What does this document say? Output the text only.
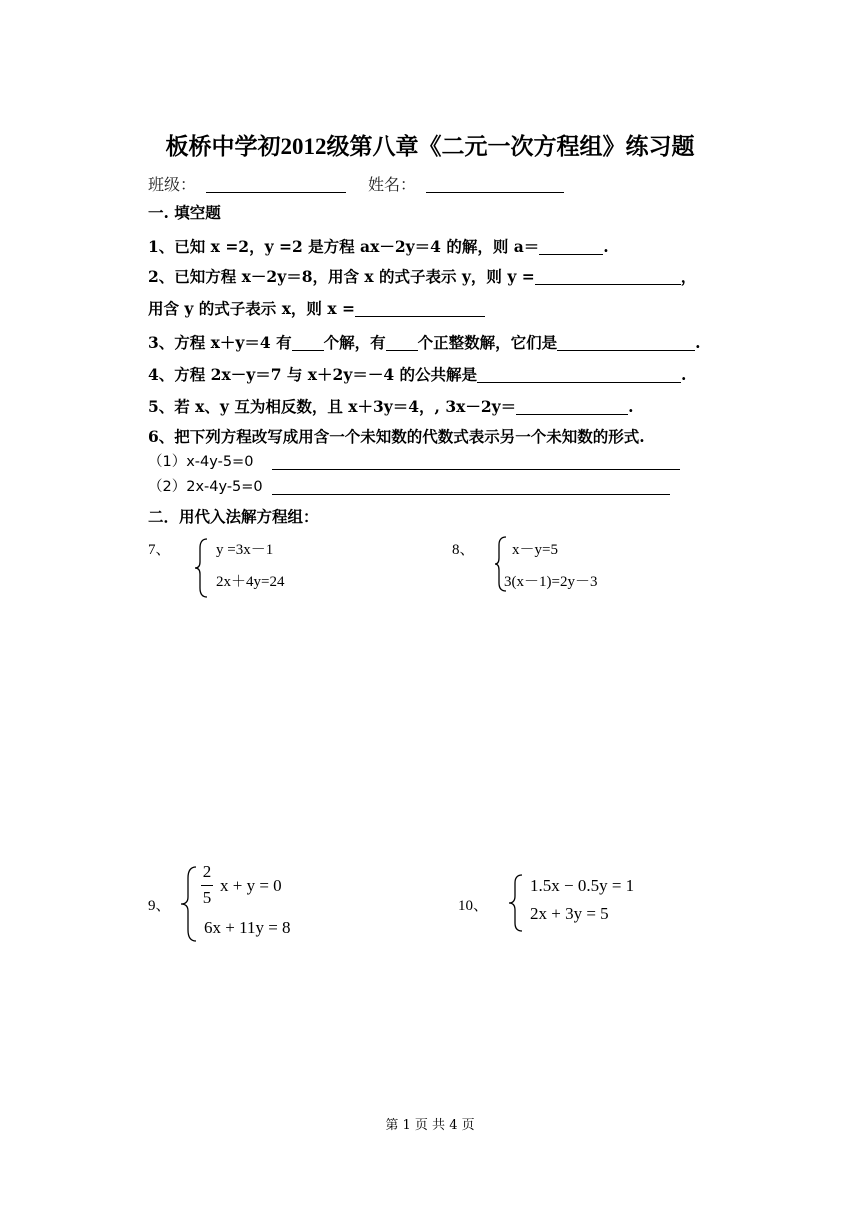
板桥中学初2012级第八章《二元一次方程组》练习题
班级：	姓名：
一. 填空题
1、已知 x =2，y =2 是方程 ax－2y＝4 的解，则 a＝	.
2、已知方程 x－2y＝8，用含 x 的式子表示 y，则 y =	，
用含 y 的式子表示 x，则 x =
3、方程 x＋y＝4 有 个解，有 个正整数解，它们是	.
4、方程 2x－y＝7 与 x＋2y＝－4 的公共解是	.
5、若 x、y 互为相反数，且 x＋3y＝4，, 3x－2y＝	.
6、把下列方程改写成用含一个未知数的代数式表示另一个未知数的形式.
（1）x-4y-5=0
（2）2x-4y-5=0
二．用代入法解方程组：
7、	y =3x－1
2x＋4y=24
8、 x－y=5
3(x－1)=2y－3
9、
2
5
x + y = 0
6x + 11y = 8
10、
1.5x − 0.5y = 1
2x + 3y = 5
第 1 页 共 4 页
